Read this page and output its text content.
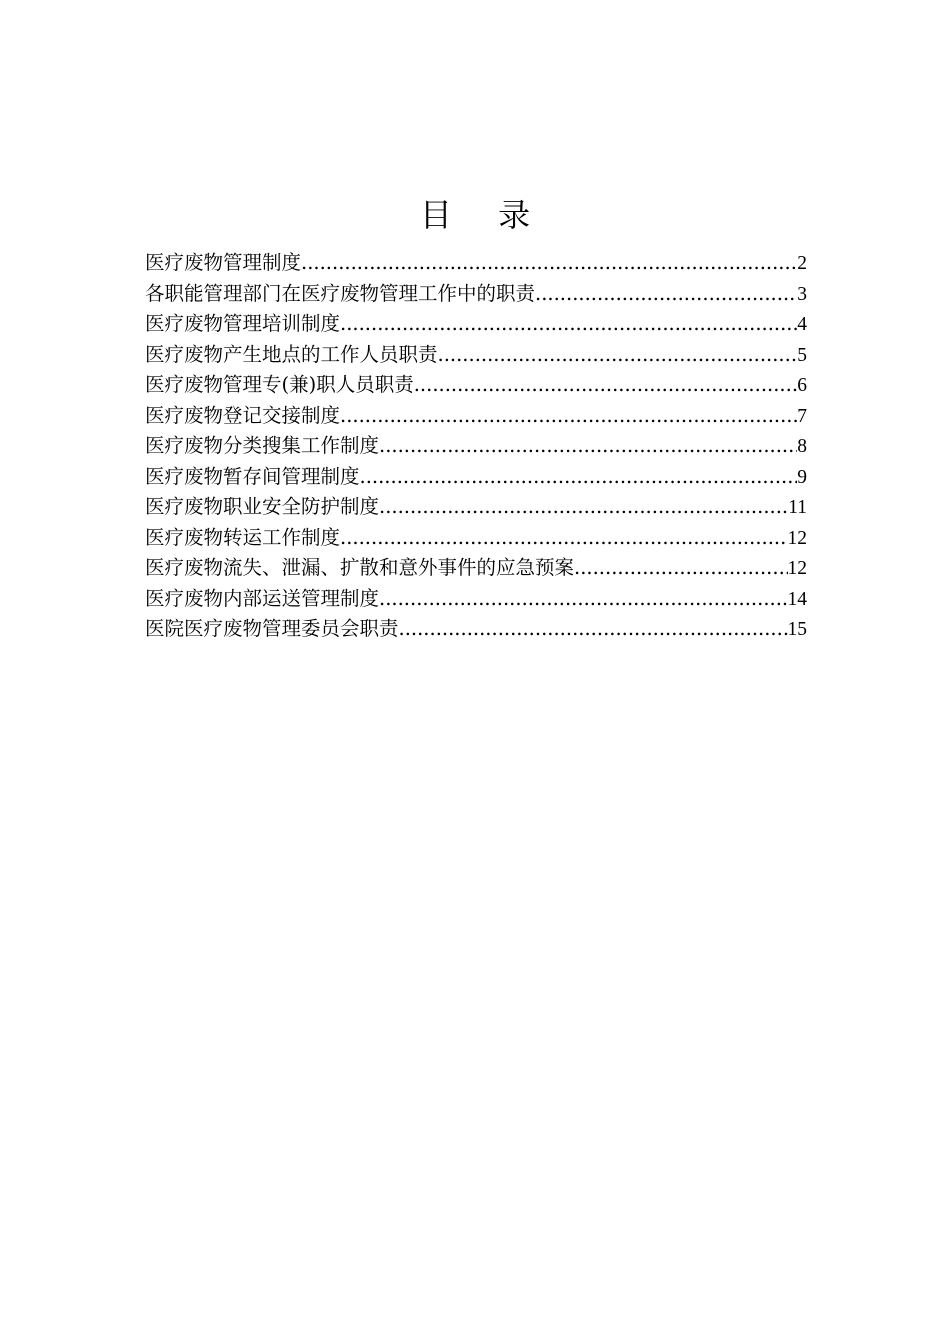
目 录
医疗废物管理制度 .....	2
各职能管理部门在医疗废物管理工作中的职责 .....	3
医疗废物管理培训制度 .....	4
医疗废物产生地点的工作人员职责 .....	5
医疗废物管理专(兼)职人员职责 .....	6
医疗废物登记交接制度 .....	7
医疗废物分类搜集工作制度 .....	8
医疗废物暂存间管理制度 .....	9
医疗废物职业安全防护制度 .....	11
医疗废物转运工作制度 .....	12
医疗废物流失、泄漏、扩散和意外事件的应急预案 .....	12
医疗废物内部运送管理制度 .....	14
医院医疗废物管理委员会职责 .....	15
